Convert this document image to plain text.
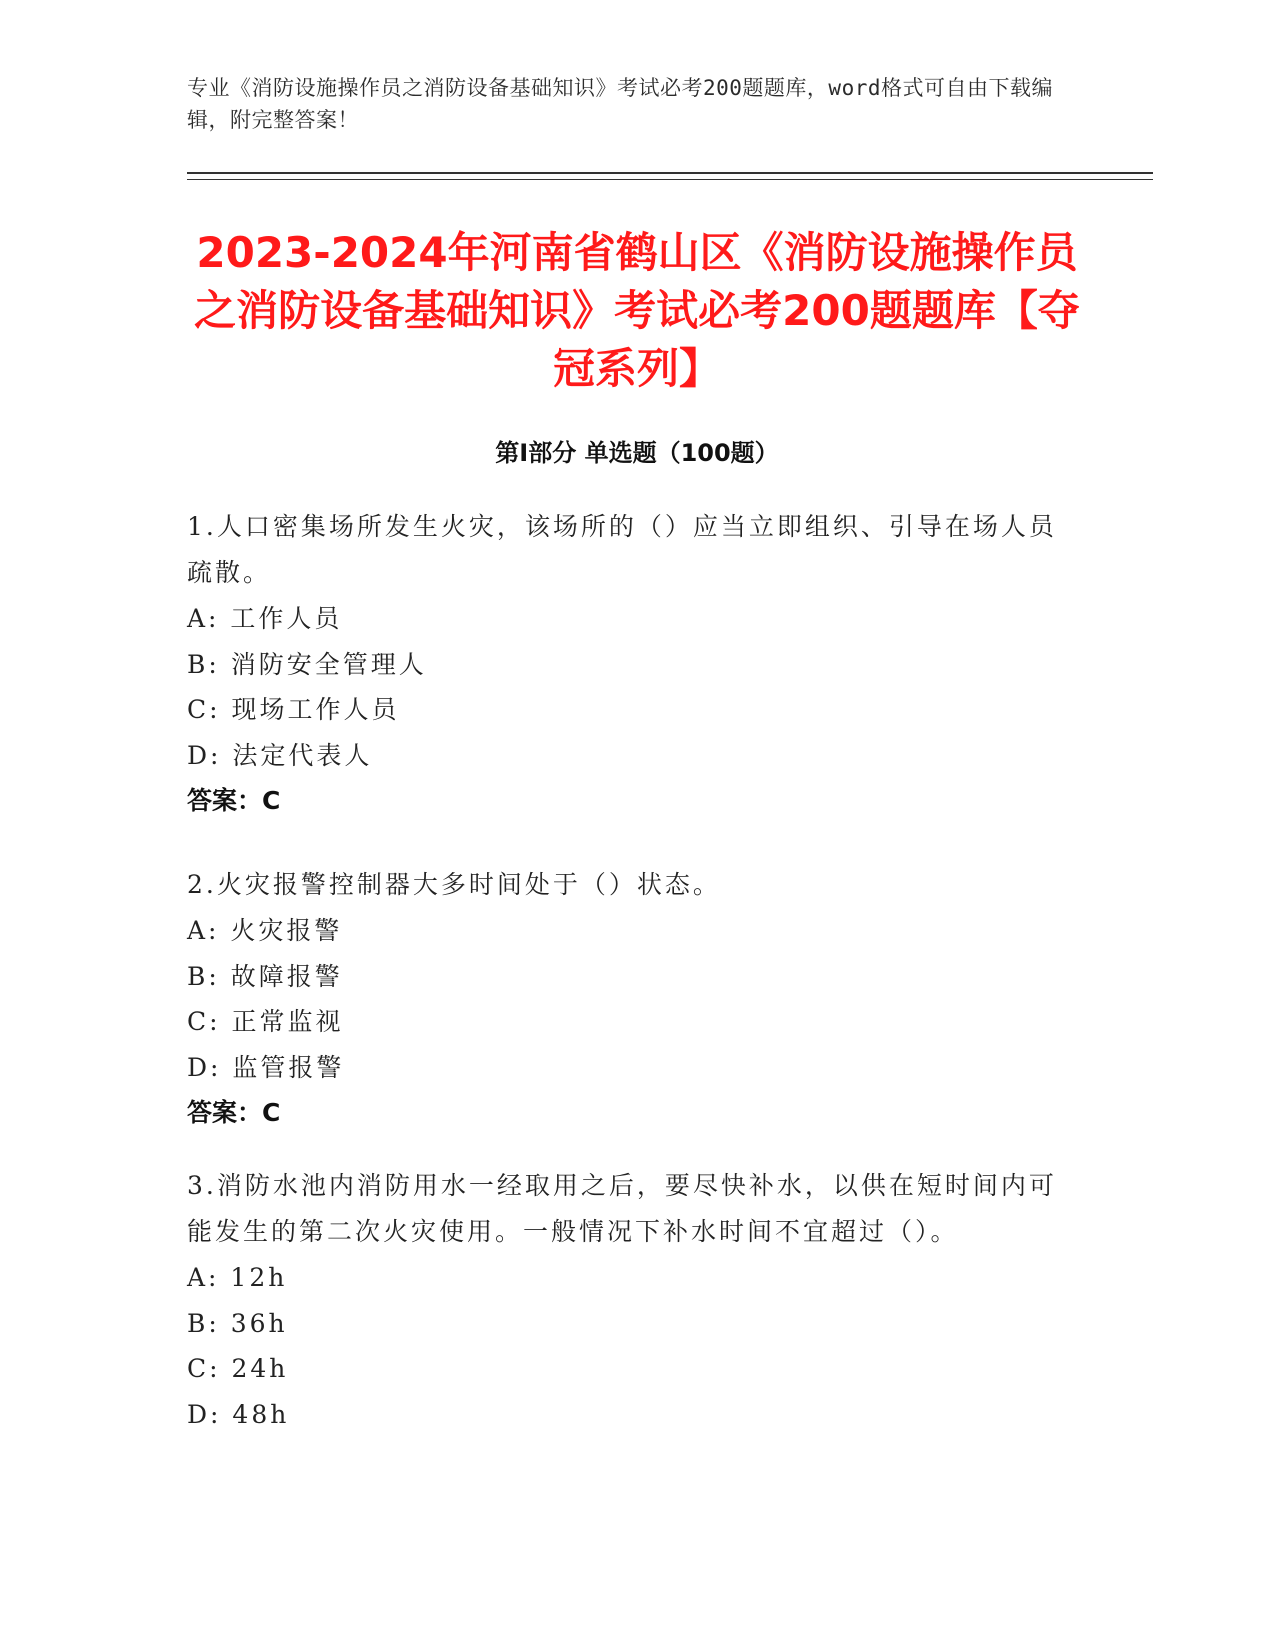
专业《消防设施操作员之消防设备基础知识》考试必考200题题库，word格式可自由下载编辑，附完整答案！
2023-2024年河南省鹤山区《消防设施操作员之消防设备基础知识》考试必考200题题库【夺冠系列】
第Ⅰ部分 单选题（100题）
1.人口密集场所发生火灾，该场所的（）应当立即组织、引导在场人员疏散。
A: 工作人员
B: 消防安全管理人
C: 现场工作人员
D: 法定代表人
答案：C
2.火灾报警控制器大多时间处于（）状态。
A: 火灾报警
B: 故障报警
C: 正常监视
D: 监管报警
答案：C
3.消防水池内消防用水一经取用之后，要尽快补水，以供在短时间内可能发生的第二次火灾使用。一般情况下补水时间不宜超过（）。
A: 12h
B: 36h
C: 24h
D: 48h
